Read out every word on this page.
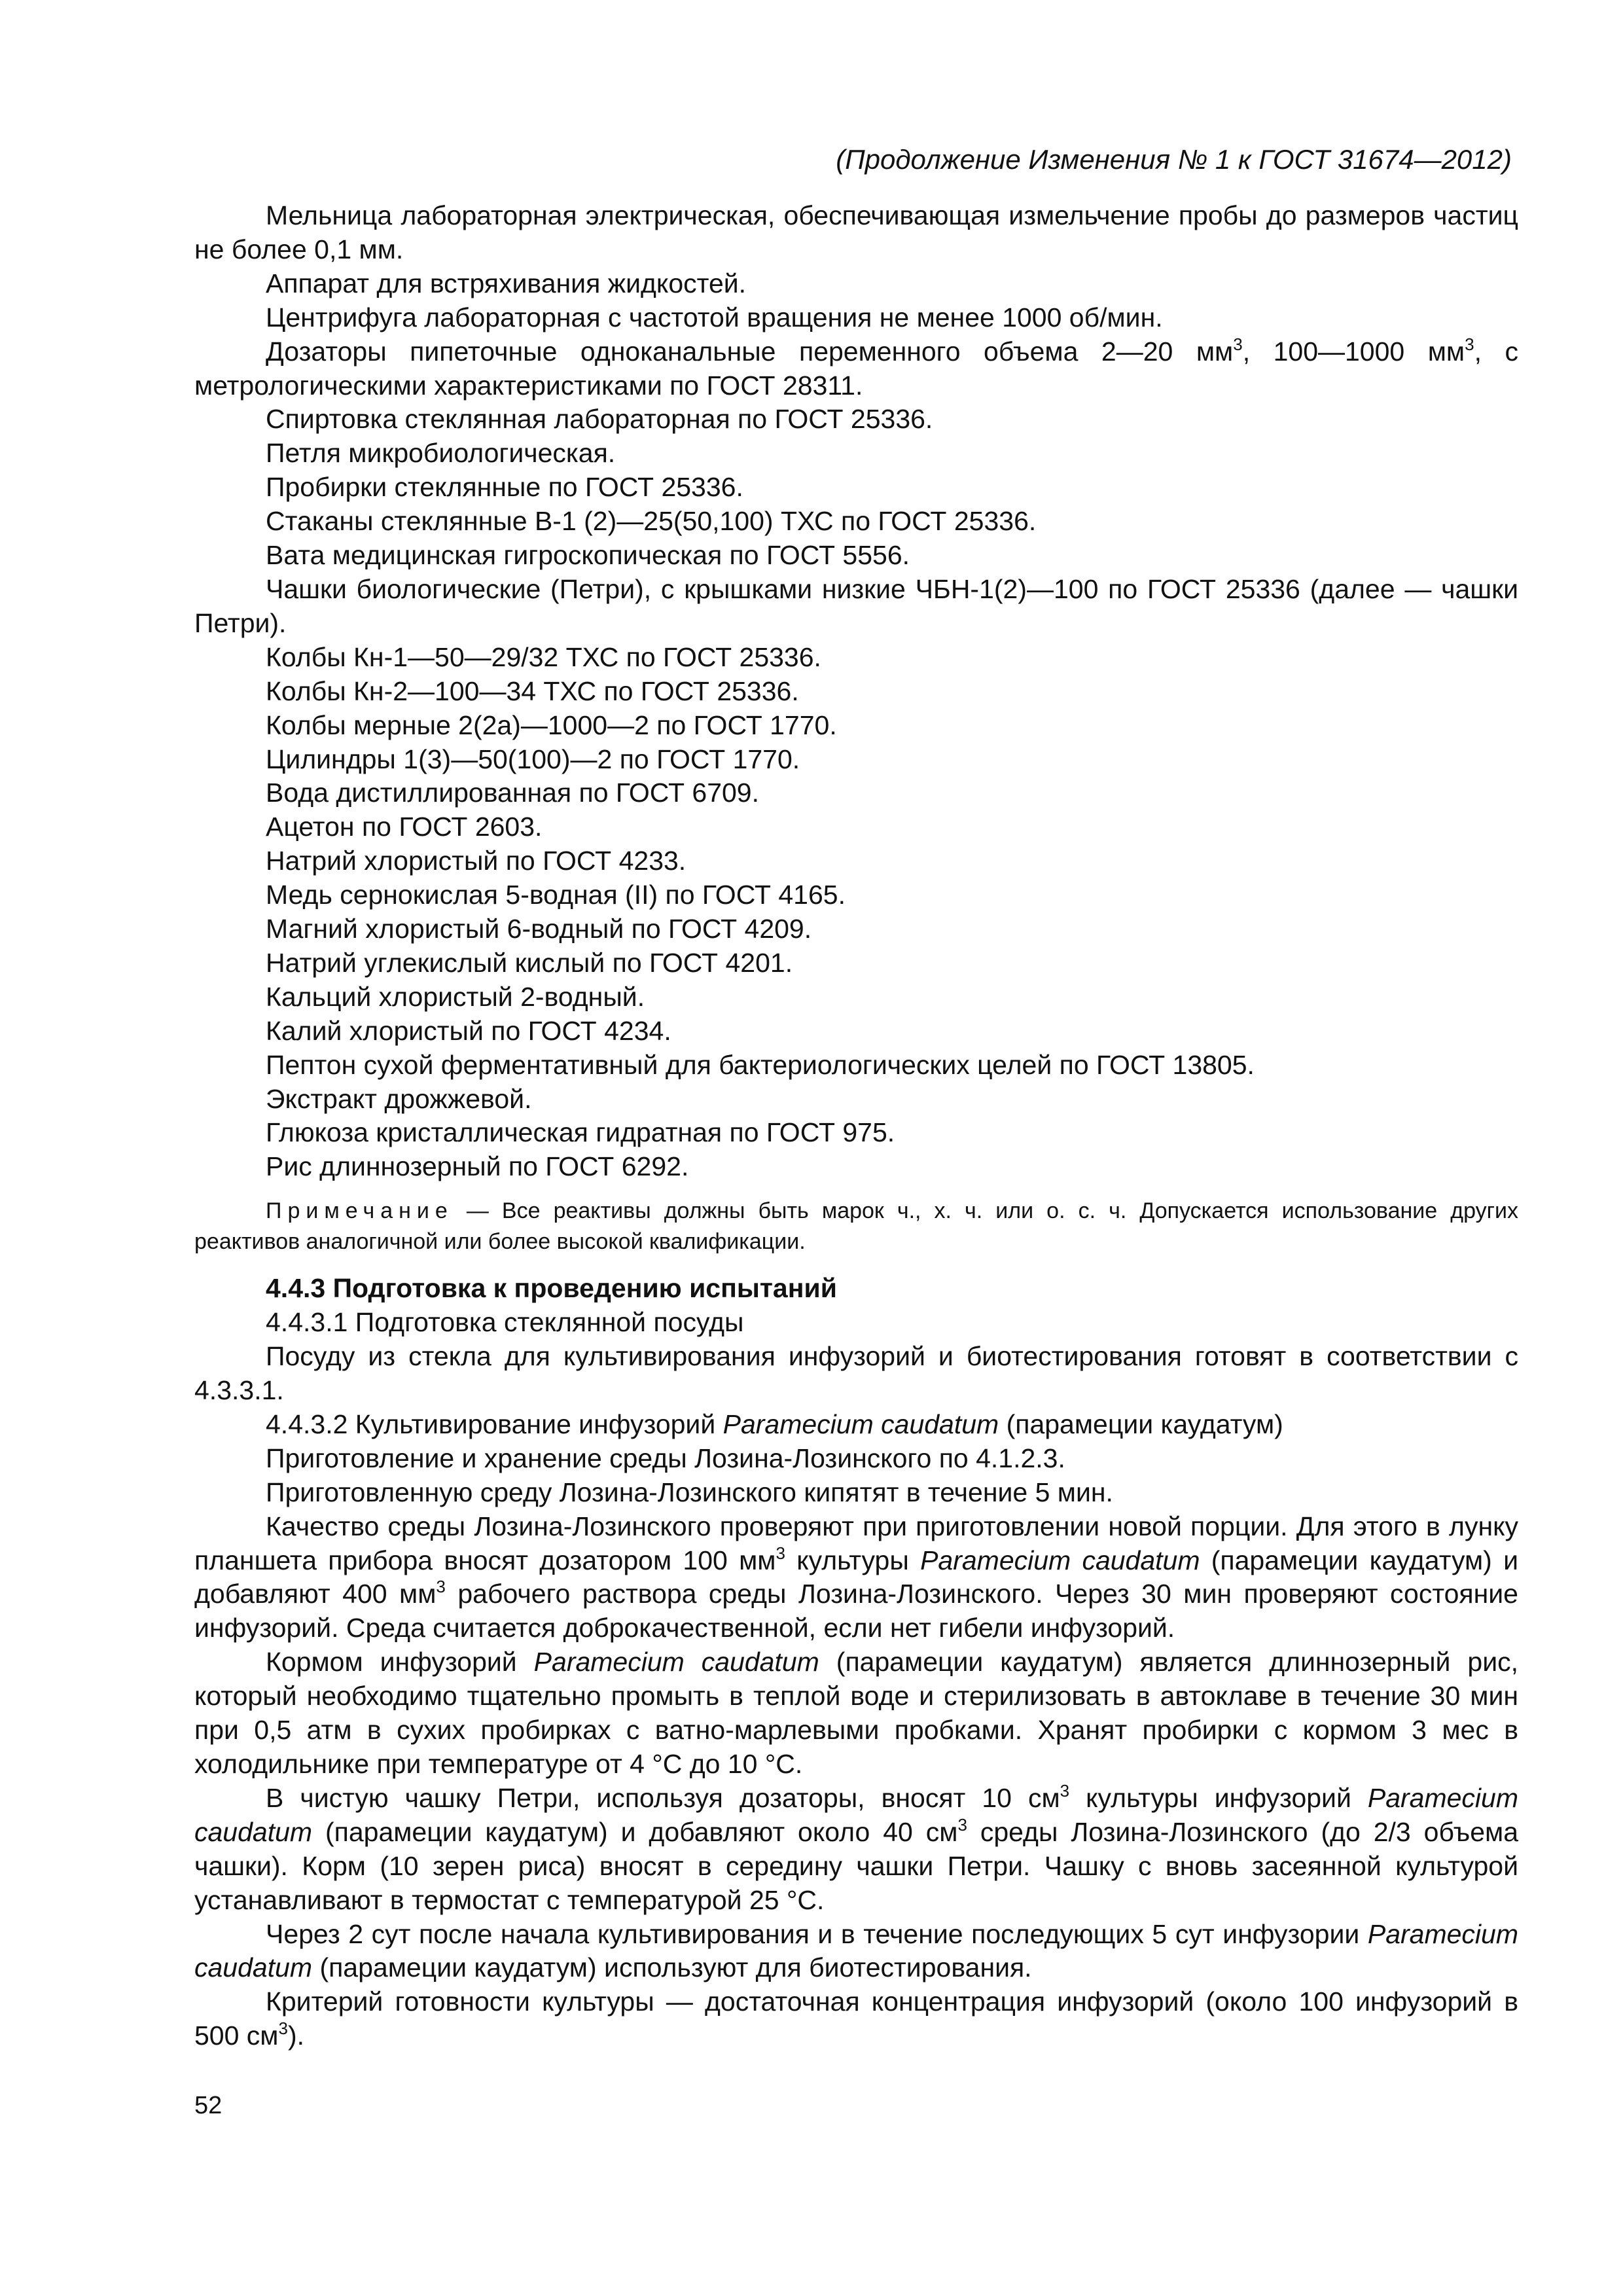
(Продолжение Изменения № 1 к ГОСТ 31674—2012)

Мельница лабораторная электрическая, обеспечивающая измельчение пробы до размеров частиц не более 0,1 мм.

Аппарат для встряхивания жидкостей.

Центрифуга лабораторная с частотой вращения не менее 1000 об/мин.

Дозаторы пипеточные одноканальные переменного объема 2—20 $мм^3$, 100—1000 $мм^3$, с метрологическими характеристиками по ГОСТ 28311.

Спиртовка стеклянная лабораторная по ГОСТ 25336.

Петля микробиологическая.

Пробирки стеклянные по ГОСТ 25336.

Стаканы стеклянные В-1 (2)—25(50,100) ТХС по ГОСТ 25336.

Вата медицинская гигроскопическая по ГОСТ 5556.

Чашки биологические (Петри), с крышками низкие ЧБН-1(2)—100 по ГОСТ 25336 (далее — чашки Петри).

Колбы Кн-1—50—29/32 ТХС по ГОСТ 25336.

Колбы Кн-2—100—34 ТХС по ГОСТ 25336.

Колбы мерные 2(2а)—1000—2 по ГОСТ 1770.

Цилиндры 1(3)—50(100)—2 по ГОСТ 1770.

Вода дистиллированная по ГОСТ 6709.

Ацетон по ГОСТ 2603.

Натрий хлористый по ГОСТ 4233.

Медь сернокислая 5-водная (II) по ГОСТ 4165.

Магний хлористый 6-водный по ГОСТ 4209.

Натрий углекислый кислый по ГОСТ 4201.

Кальций хлористый 2-водный.

Калий хлористый по ГОСТ 4234.

Пептон сухой ферментативный для бактериологических целей по ГОСТ 13805.

Экстракт дрожжевой.

Глюкоза кристаллическая гидратная по ГОСТ 975.

Рис длиннозерный по ГОСТ 6292.

Примечание — Все реактивы должны быть марок ч., х. ч. или о. с. ч. Допускается использование других реактивов аналогичной или более высокой квалификации.

4.4.3 Подготовка к проведению испытаний

4.4.3.1 Подготовка стеклянной посуды

Посуду из стекла для культивирования инфузорий и биотестирования готовят в соответствии с 4.3.3.1.

4.4.3.2 Культивирование инфузорий Paramecium caudatum (парамеции каудатум)

Приготовление и хранение среды Лозина-Лозинского по 4.1.2.3.

Приготовленную среду Лозина-Лозинского кипятят в течение 5 мин.

Качество среды Лозина-Лозинского проверяют при приготовлении новой порции. Для этого в лунку планшета прибора вносят дозатором 100 $мм^3$ культуры Paramecium caudatum (парамеции каудатум) и добавляют 400 $мм^3$ рабочего раствора среды Лозина-Лозинского. Через 30 мин проверяют состояние инфузорий. Среда считается доброкачественной, если нет гибели инфузорий.

Кормом инфузорий Paramecium caudatum (парамеции каудатум) является длиннозерный рис, который необходимо тщательно промыть в теплой воде и стерилизовать в автоклаве в течение 30 мин при 0,5 атм в сухих пробирках с ватно-марлевыми пробками. Хранят пробирки с кормом 3 мес в холодильнике при температуре от 4 °С до 10 °С.

В чистую чашку Петри, используя дозаторы, вносят 10 $см^3$ культуры инфузорий Paramecium caudatum (парамеции каудатум) и добавляют около 40 $см^3$ среды Лозина-Лозинского (до 2/3 объема чашки). Корм (10 зерен риса) вносят в середину чашки Петри. Чашку с вновь засеянной культурой устанавливают в термостат с температурой 25 °С.

Через 2 сут после начала культивирования и в течение последующих 5 сут инфузории Paramecium caudatum (парамеции каудатум) используют для биотестирования.

Критерий готовности культуры — достаточная концентрация инфузорий (около 100 инфузорий в 500 $см^3$).

52
